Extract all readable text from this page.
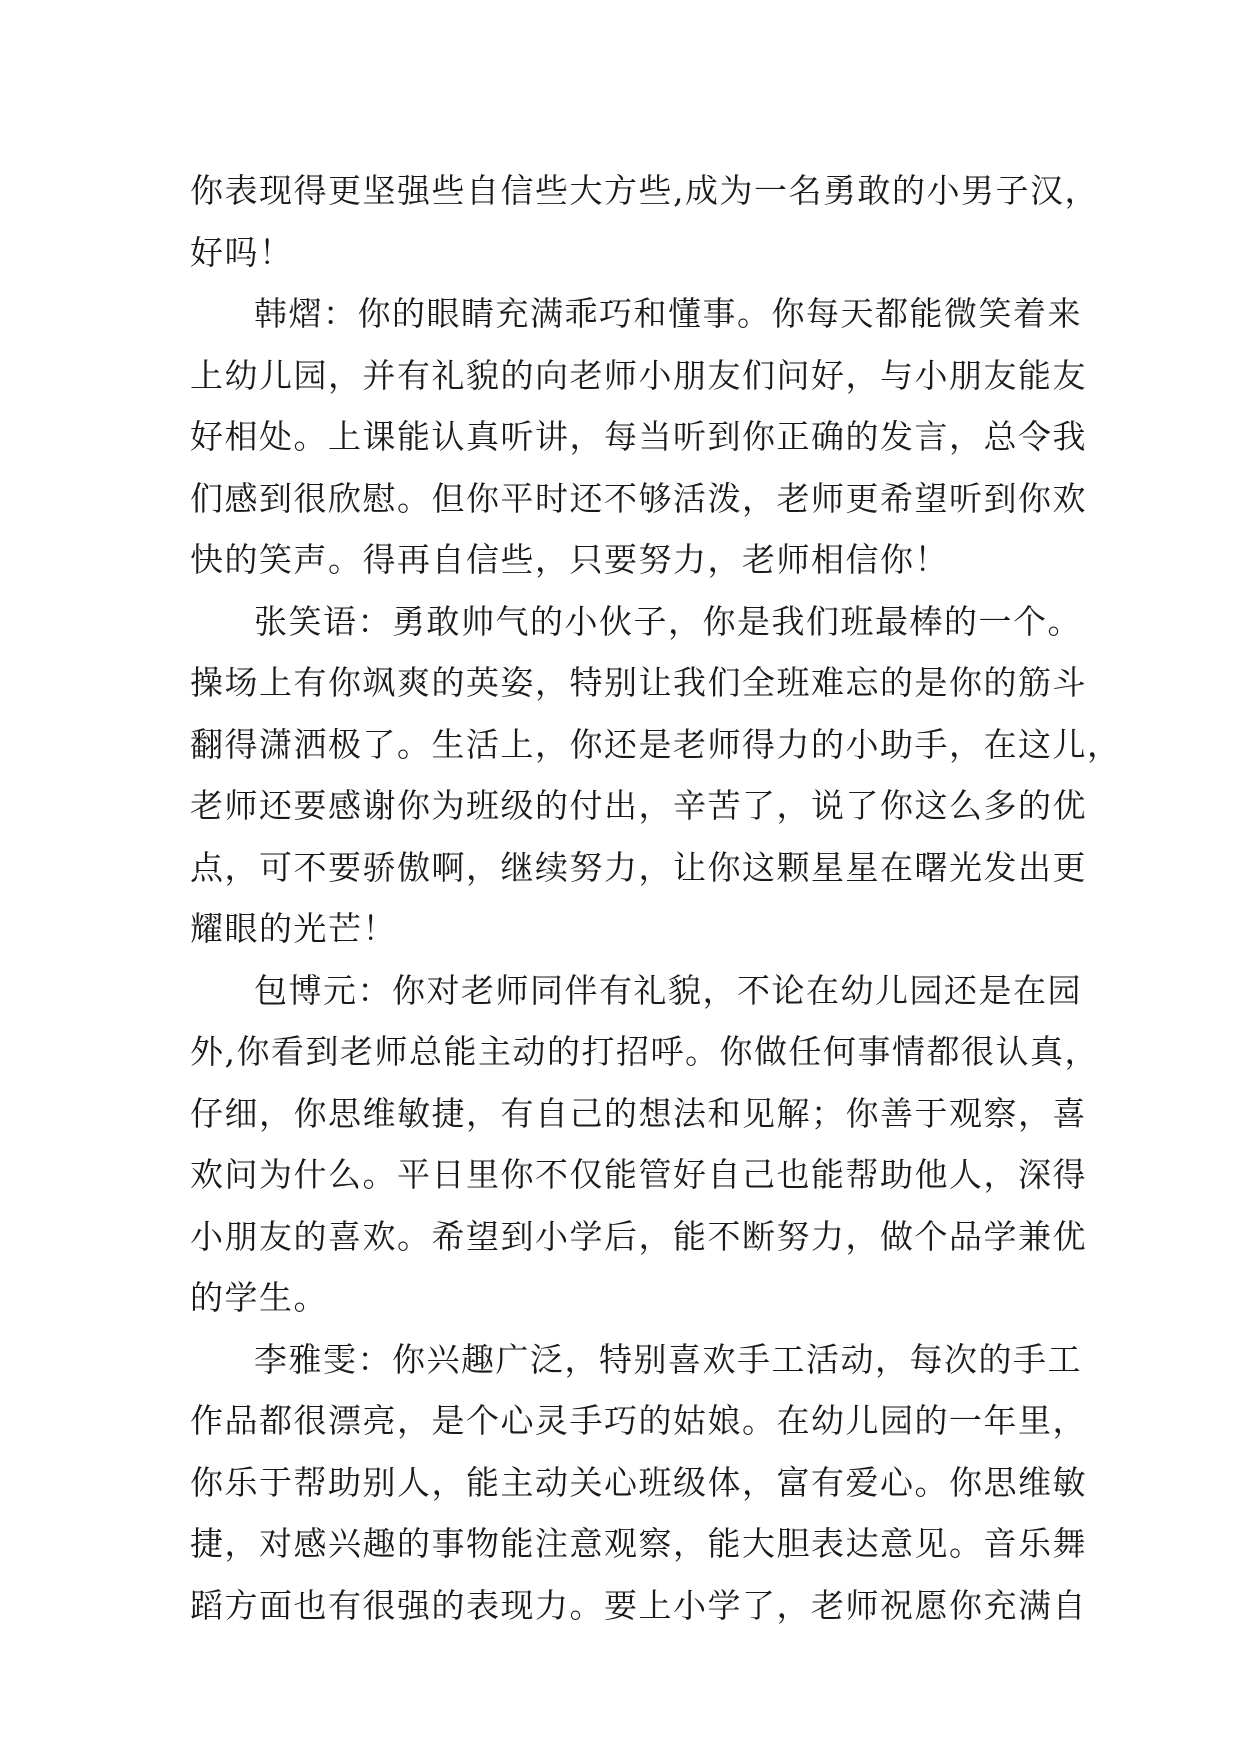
你表现得更坚强些自信些大方些,成为一名勇敢的小男子汉，
好吗！
韩熠：你的眼睛充满乖巧和懂事。你每天都能微笑着来
上幼儿园，并有礼貌的向老师小朋友们问好，与小朋友能友
好相处。上课能认真听讲，每当听到你正确的发言，总令我
们感到很欣慰。但你平时还不够活泼，老师更希望听到你欢
快的笑声。得再自信些，只要努力，老师相信你！
张笑语：勇敢帅气的小伙子，你是我们班最棒的一个。
操场上有你飒爽的英姿，特别让我们全班难忘的是你的筋斗
翻得潇洒极了。生活上，你还是老师得力的小助手，在这儿，
老师还要感谢你为班级的付出，辛苦了，说了你这么多的优
点，可不要骄傲啊，继续努力，让你这颗星星在曙光发出更
耀眼的光芒！
包博元：你对老师同伴有礼貌，不论在幼儿园还是在园
外,你看到老师总能主动的打招呼。你做任何事情都很认真，
仔细，你思维敏捷，有自己的想法和见解；你善于观察，喜
欢问为什么。平日里你不仅能管好自己也能帮助他人，深得
小朋友的喜欢。希望到小学后，能不断努力，做个品学兼优
的学生。
李雅雯：你兴趣广泛，特别喜欢手工活动，每次的手工
作品都很漂亮，是个心灵手巧的姑娘。在幼儿园的一年里，
你乐于帮助别人，能主动关心班级体，富有爱心。你思维敏
捷，对感兴趣的事物能注意观察，能大胆表达意见。音乐舞
蹈方面也有很强的表现力。要上小学了，老师祝愿你充满自
